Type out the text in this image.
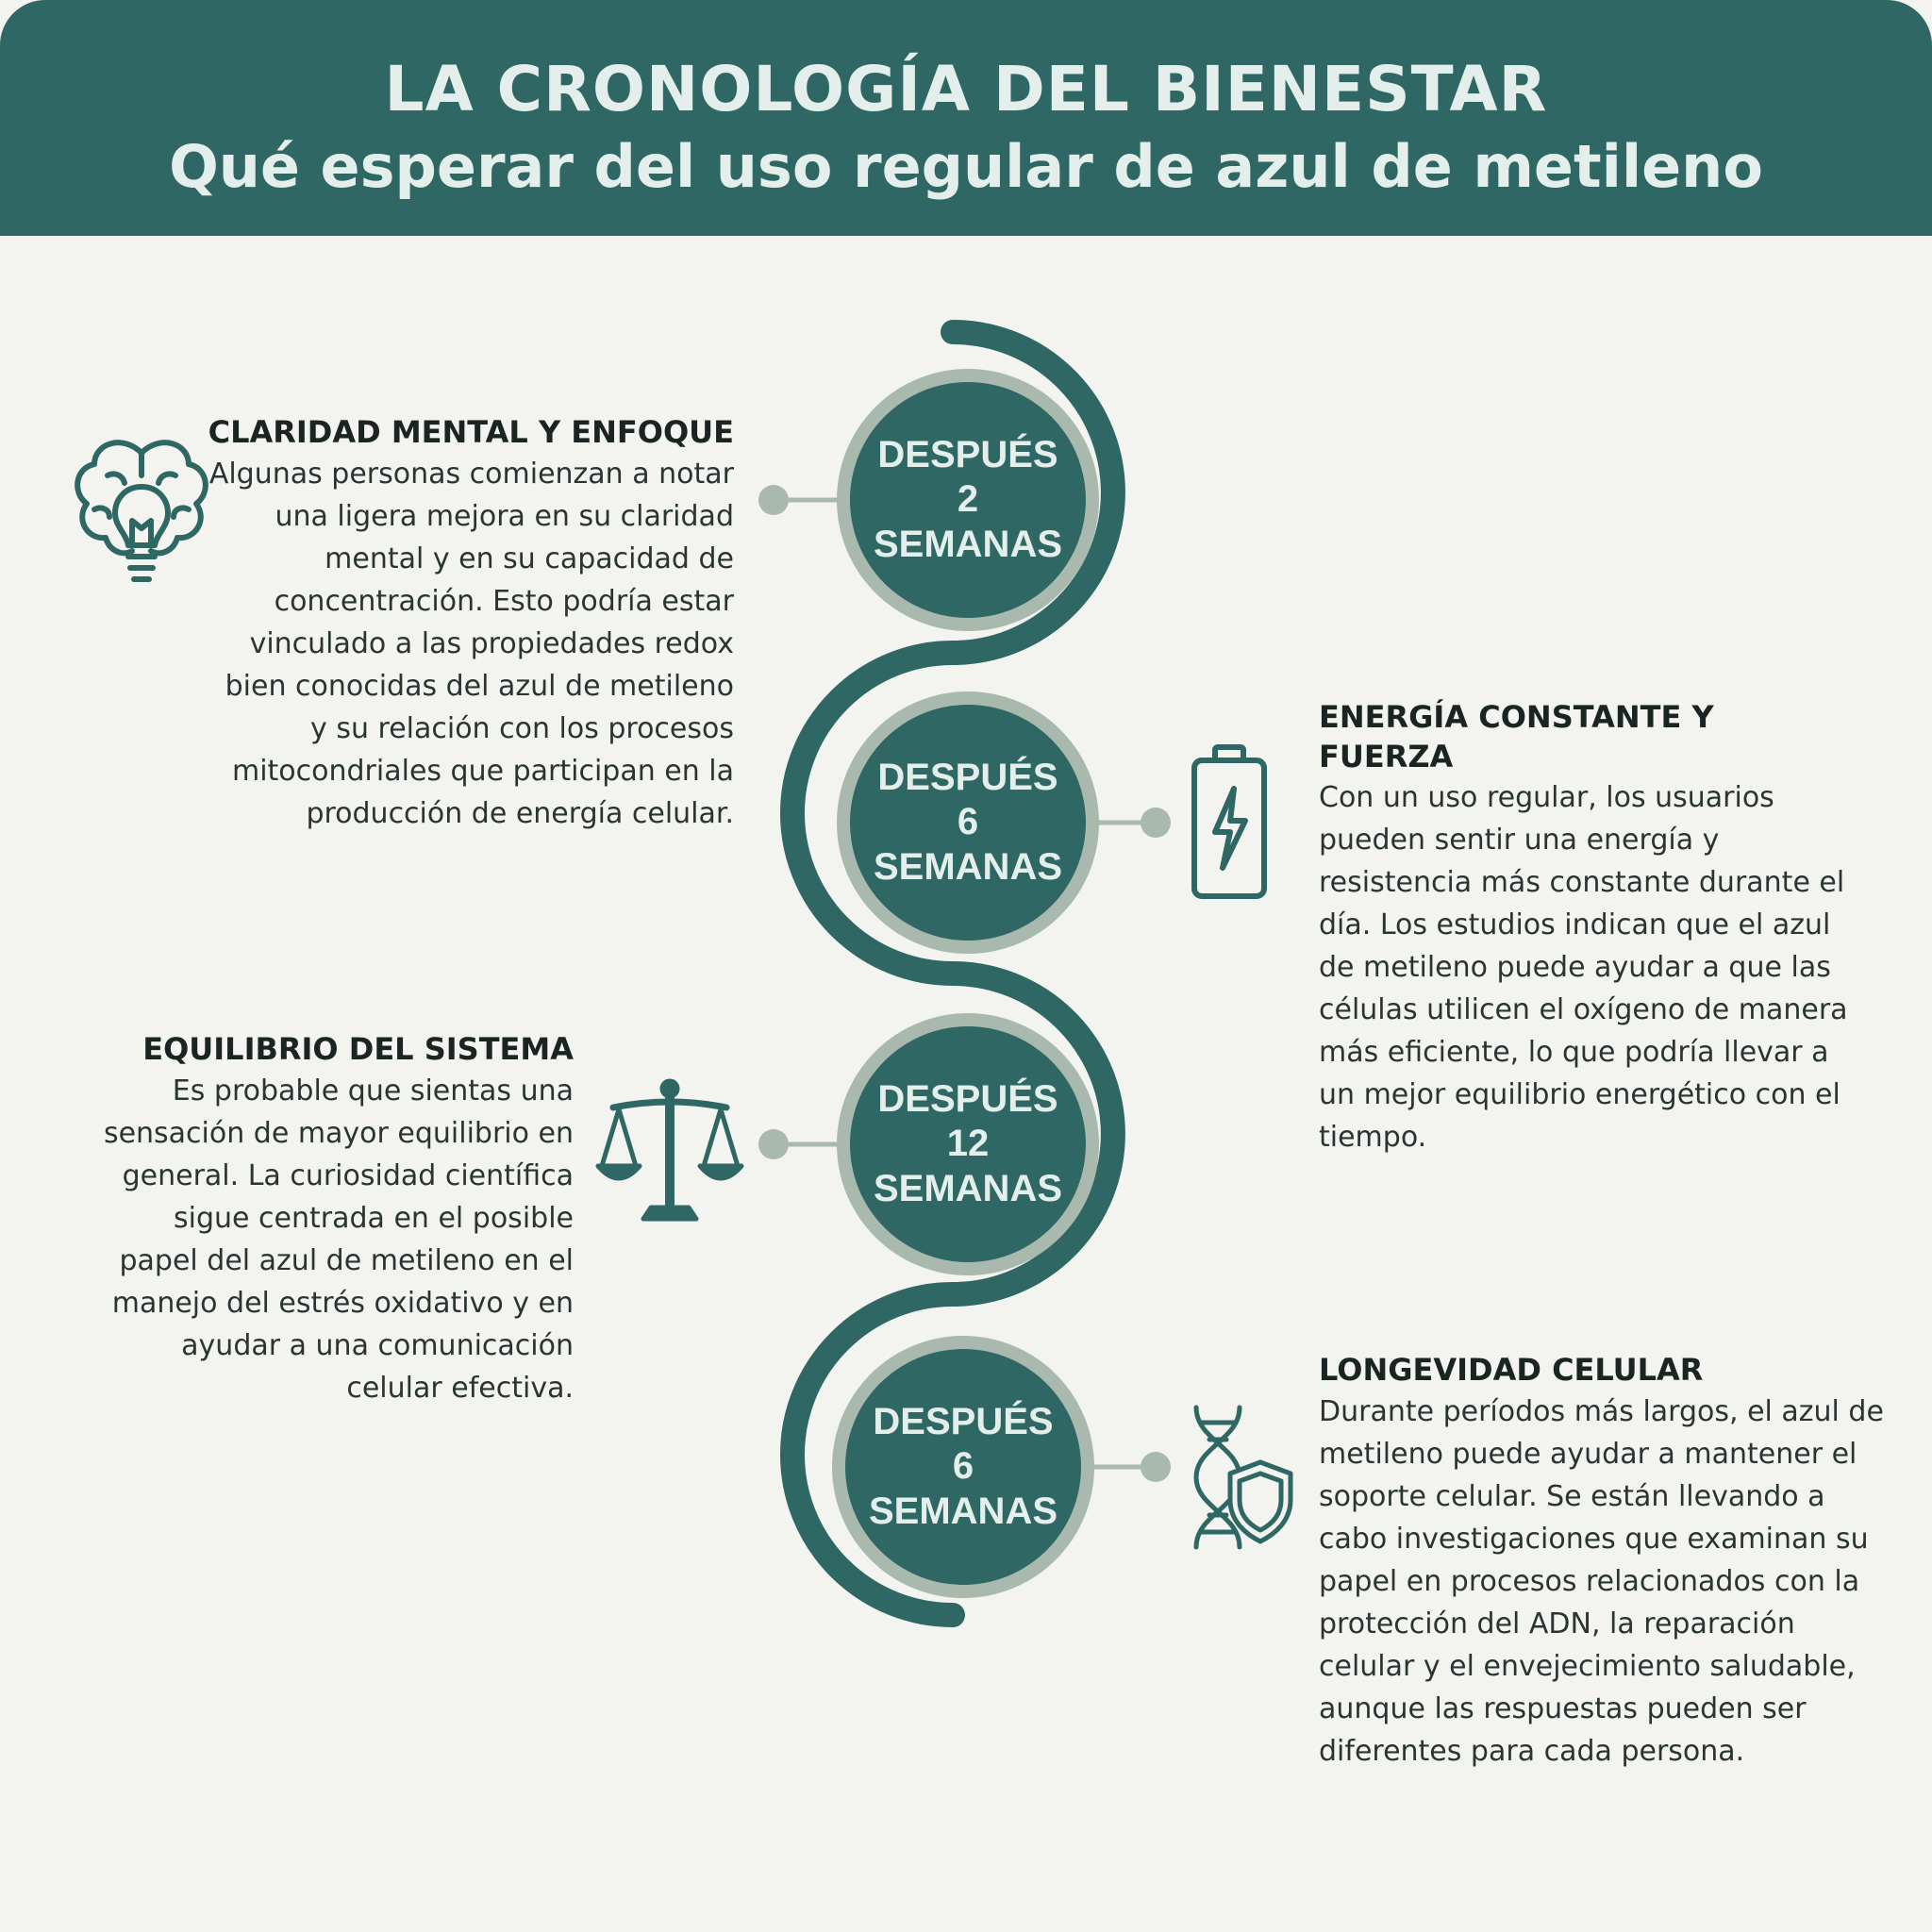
LA CRONOLOGÍA DEL BIENESTAR
Qué esperar del uso regular de azul de metileno
DESPUÉS
2
SEMANAS
DESPUÉS
6
SEMANAS
DESPUÉS
12
SEMANAS
DESPUÉS
6
SEMANAS
CLARIDAD MENTAL Y ENFOQUE
Algunas personas comienzan a notar una ligera mejora en su claridad mental y en su capacidad de concentración. Esto podría estar vinculado a las propiedades redox bien conocidas del azul de metileno y su relación con los procesos mitocondriales que participan en la producción de energía celular.
ENERGÍA CONSTANTE Y FUERZA
Con un uso regular, los usuarios pueden sentir una energía y resistencia más constante durante el día. Los estudios indican que el azul de metileno puede ayudar a que las células utilicen el oxígeno de manera más eficiente, lo que podría llevar a un mejor equilibrio energético con el tiempo.
EQUILIBRIO DEL SISTEMA
Es probable que sientas una sensación de mayor equilibrio en general. La curiosidad científica sigue centrada en el posible papel del azul de metileno en el manejo del estrés oxidativo y en ayudar a una comunicación celular efectiva.
LONGEVIDAD CELULAR
Durante períodos más largos, el azul de metileno puede ayudar a mantener el soporte celular. Se están llevando a cabo investigaciones que examinan su papel en procesos relacionados con la protección del ADN, la reparación celular y el envejecimiento saludable, aunque las respuestas pueden ser diferentes para cada persona.
